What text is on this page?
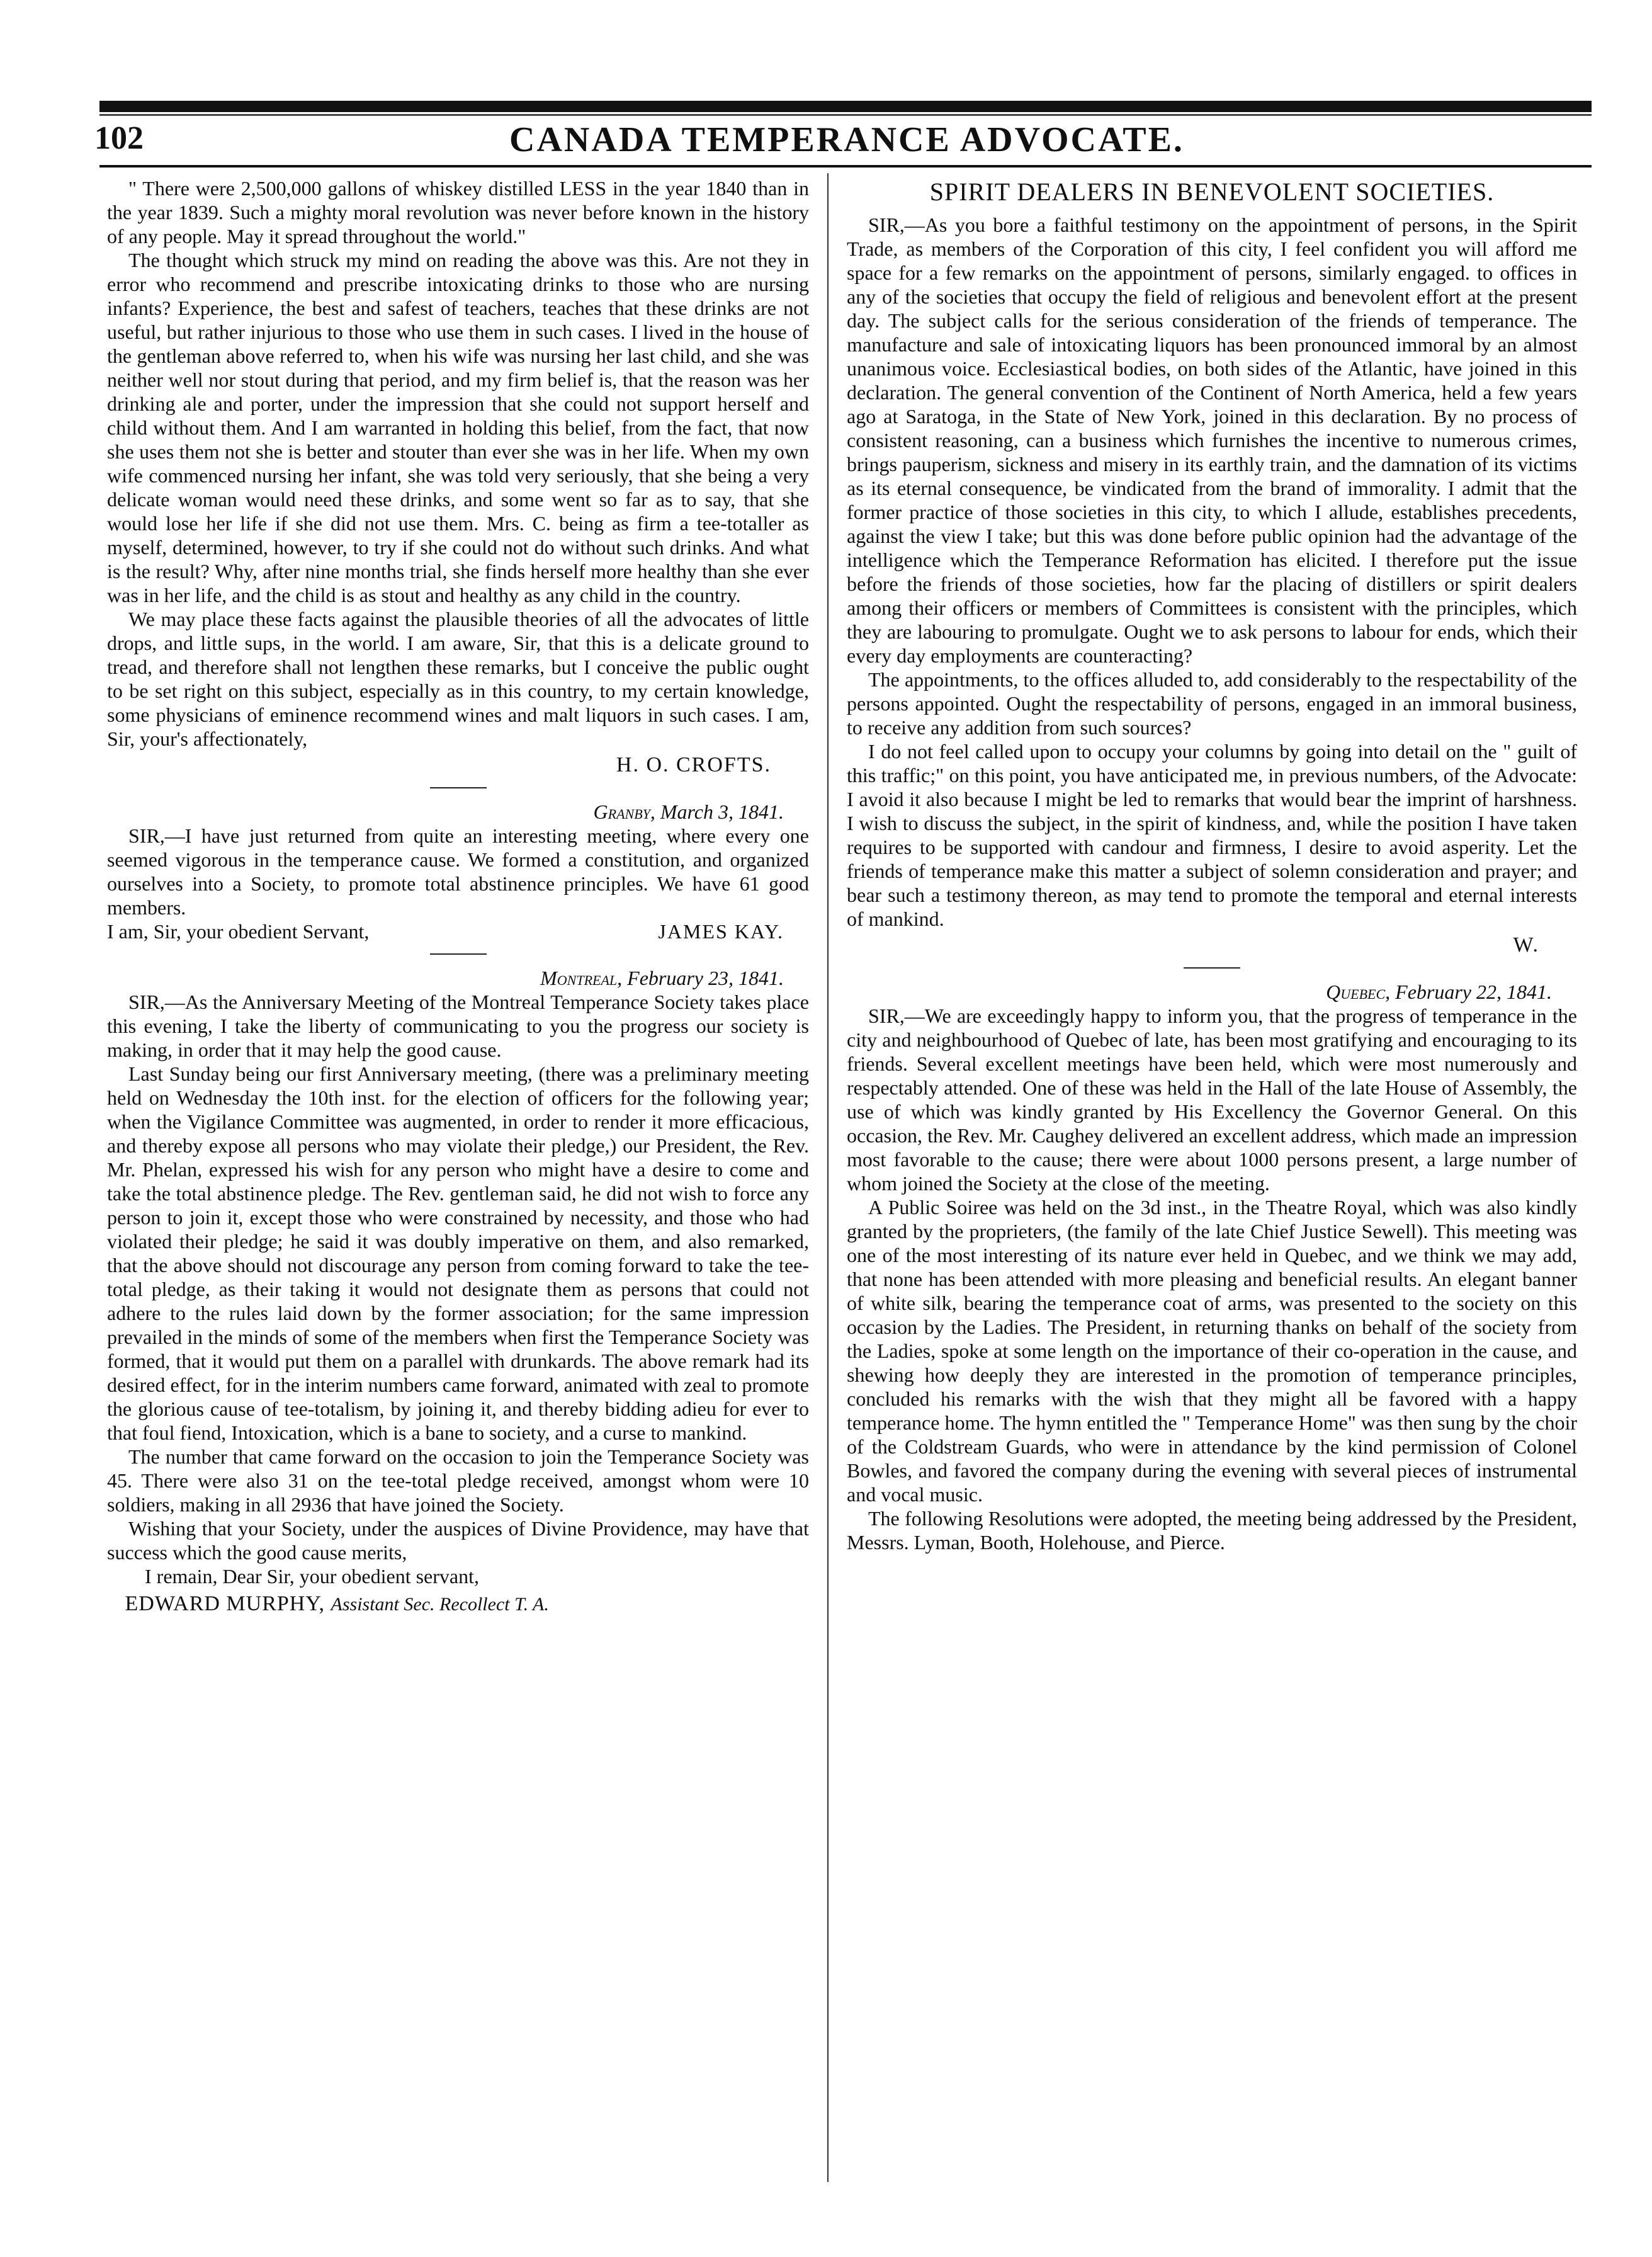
102	CANADA TEMPERANCE ADVOCATE.

" There were 2,500,000 gallons of whiskey distilled LESS in the year 1840 than in the year 1839. Such a mighty moral revolution was never before known in the history of any people. May it spread throughout the world."

The thought which struck my mind on reading the above was this. Are not they in error who recommend and prescribe intoxicating drinks to those who are nursing infants? Experience, the best and safest of teachers, teaches that these drinks are not useful, but rather injurious to those who use them in such cases. I lived in the house of the gentleman above referred to, when his wife was nursing her last child, and she was neither well nor stout during that period, and my firm belief is, that the reason was her drinking ale and porter, under the impression that she could not support herself and child without them. And I am warranted in holding this belief, from the fact, that now she uses them not she is better and stouter than ever she was in her life. When my own wife commenced nursing her infant, she was told very seriously, that she being a very delicate woman would need these drinks, and some went so far as to say, that she would lose her life if she did not use them. Mrs. C. being as firm a tee-totaller as myself, determined, however, to try if she could not do without such drinks. And what is the result? Why, after nine months trial, she finds herself more healthy than she ever was in her life, and the child is as stout and healthy as any child in the country.

We may place these facts against the plausible theories of all the advocates of little drops, and little sups, in the world. I am aware, Sir, that this is a delicate ground to tread, and therefore shall not lengthen these remarks, but I conceive the public ought to be set right on this subject, especially as in this country, to my certain knowledge, some physicians of eminence recommend wines and malt liquors in such cases. I am, Sir, your's affectionately,

H. O. CROFTS.

Granby, March 3, 1841.

SIR,—I have just returned from quite an interesting meeting, where every one seemed vigorous in the temperance cause. We formed a constitution, and organized ourselves into a Society, to promote total abstinence principles. We have 61 good members.

I am, Sir, your obedient Servant,	JAMES KAY.

Montreal, February 23, 1841.

SIR,—As the Anniversary Meeting of the Montreal Temperance Society takes place this evening, I take the liberty of communicating to you the progress our society is making, in order that it may help the good cause.

Last Sunday being our first Anniversary meeting, (there was a preliminary meeting held on Wednesday the 10th inst. for the election of officers for the following year; when the Vigilance Committee was augmented, in order to render it more efficacious, and thereby expose all persons who may violate their pledge,) our President, the Rev. Mr. Phelan, expressed his wish for any person who might have a desire to come and take the total abstinence pledge. The Rev. gentleman said, he did not wish to force any person to join it, except those who were constrained by necessity, and those who had violated their pledge; he said it was doubly imperative on them, and also remarked, that the above should not discourage any person from coming forward to take the tee-total pledge, as their taking it would not designate them as persons that could not adhere to the rules laid down by the former association; for the same impression prevailed in the minds of some of the members when first the Temperance Society was formed, that it would put them on a parallel with drunkards. The above remark had its desired effect, for in the interim numbers came forward, animated with zeal to promote the glorious cause of tee-totalism, by joining it, and thereby bidding adieu for ever to that foul fiend, Intoxication, which is a bane to society, and a curse to mankind.

The number that came forward on the occasion to join the Temperance Society was 45. There were also 31 on the tee-total pledge received, amongst whom were 10 soldiers, making in all 2936 that have joined the Society.

Wishing that your Society, under the auspices of Divine Providence, may have that success which the good cause merits,

I remain, Dear Sir, your obedient servant,

EDWARD MURPHY, Assistant Sec. Recollect T. A.

SPIRIT DEALERS IN BENEVOLENT SOCIETIES.

SIR,—As you bore a faithful testimony on the appointment of persons, in the Spirit Trade, as members of the Corporation of this city, I feel confident you will afford me space for a few remarks on the appointment of persons, similarly engaged. to offices in any of the societies that occupy the field of religious and benevolent effort at the present day. The subject calls for the serious consideration of the friends of temperance. The manufacture and sale of intoxicating liquors has been pronounced immoral by an almost unanimous voice. Ecclesiastical bodies, on both sides of the Atlantic, have joined in this declaration. The general convention of the Continent of North America, held a few years ago at Saratoga, in the State of New York, joined in this declaration. By no process of consistent reasoning, can a business which furnishes the incentive to numerous crimes, brings pauperism, sickness and misery in its earthly train, and the damnation of its victims as its eternal consequence, be vindicated from the brand of immorality. I admit that the former practice of those societies in this city, to which I allude, establishes precedents, against the view I take; but this was done before public opinion had the advantage of the intelligence which the Temperance Reformation has elicited. I therefore put the issue before the friends of those societies, how far the placing of distillers or spirit dealers among their officers or members of Committees is consistent with the principles, which they are labouring to promulgate. Ought we to ask persons to labour for ends, which their every day employments are counteracting?

The appointments, to the offices alluded to, add considerably to the respectability of the persons appointed. Ought the respectability of persons, engaged in an immoral business, to receive any addition from such sources?

I do not feel called upon to occupy your columns by going into detail on the " guilt of this traffic;" on this point, you have anticipated me, in previous numbers, of the Advocate: I avoid it also because I might be led to remarks that would bear the imprint of harshness. I wish to discuss the subject, in the spirit of kindness, and, while the position I have taken requires to be supported with candour and firmness, I desire to avoid asperity. Let the friends of temperance make this matter a subject of solemn consideration and prayer; and bear such a testimony thereon, as may tend to promote the temporal and eternal interests of mankind.

W.

Quebec, February 22, 1841.

SIR,—We are exceedingly happy to inform you, that the progress of temperance in the city and neighbourhood of Quebec of late, has been most gratifying and encouraging to its friends. Several excellent meetings have been held, which were most numerously and respectably attended. One of these was held in the Hall of the late House of Assembly, the use of which was kindly granted by His Excellency the Governor General. On this occasion, the Rev. Mr. Caughey delivered an excellent address, which made an impression most favorable to the cause; there were about 1000 persons present, a large number of whom joined the Society at the close of the meeting.

A Public Soiree was held on the 3d inst., in the Theatre Royal, which was also kindly granted by the proprieters, (the family of the late Chief Justice Sewell). This meeting was one of the most interesting of its nature ever held in Quebec, and we think we may add, that none has been attended with more pleasing and beneficial results. An elegant banner of white silk, bearing the temperance coat of arms, was presented to the society on this occasion by the Ladies. The President, in returning thanks on behalf of the society from the Ladies, spoke at some length on the importance of their co-operation in the cause, and shewing how deeply they are interested in the promotion of temperance principles, concluded his remarks with the wish that they might all be favored with a happy temperance home. The hymn entitled the " Temperance Home" was then sung by the choir of the Coldstream Guards, who were in attendance by the kind permission of Colonel Bowles, and favored the company during the evening with several pieces of instrumental and vocal music.

The following Resolutions were adopted, the meeting being addressed by the President, Messrs. Lyman, Booth, Holehouse, and Pierce.
